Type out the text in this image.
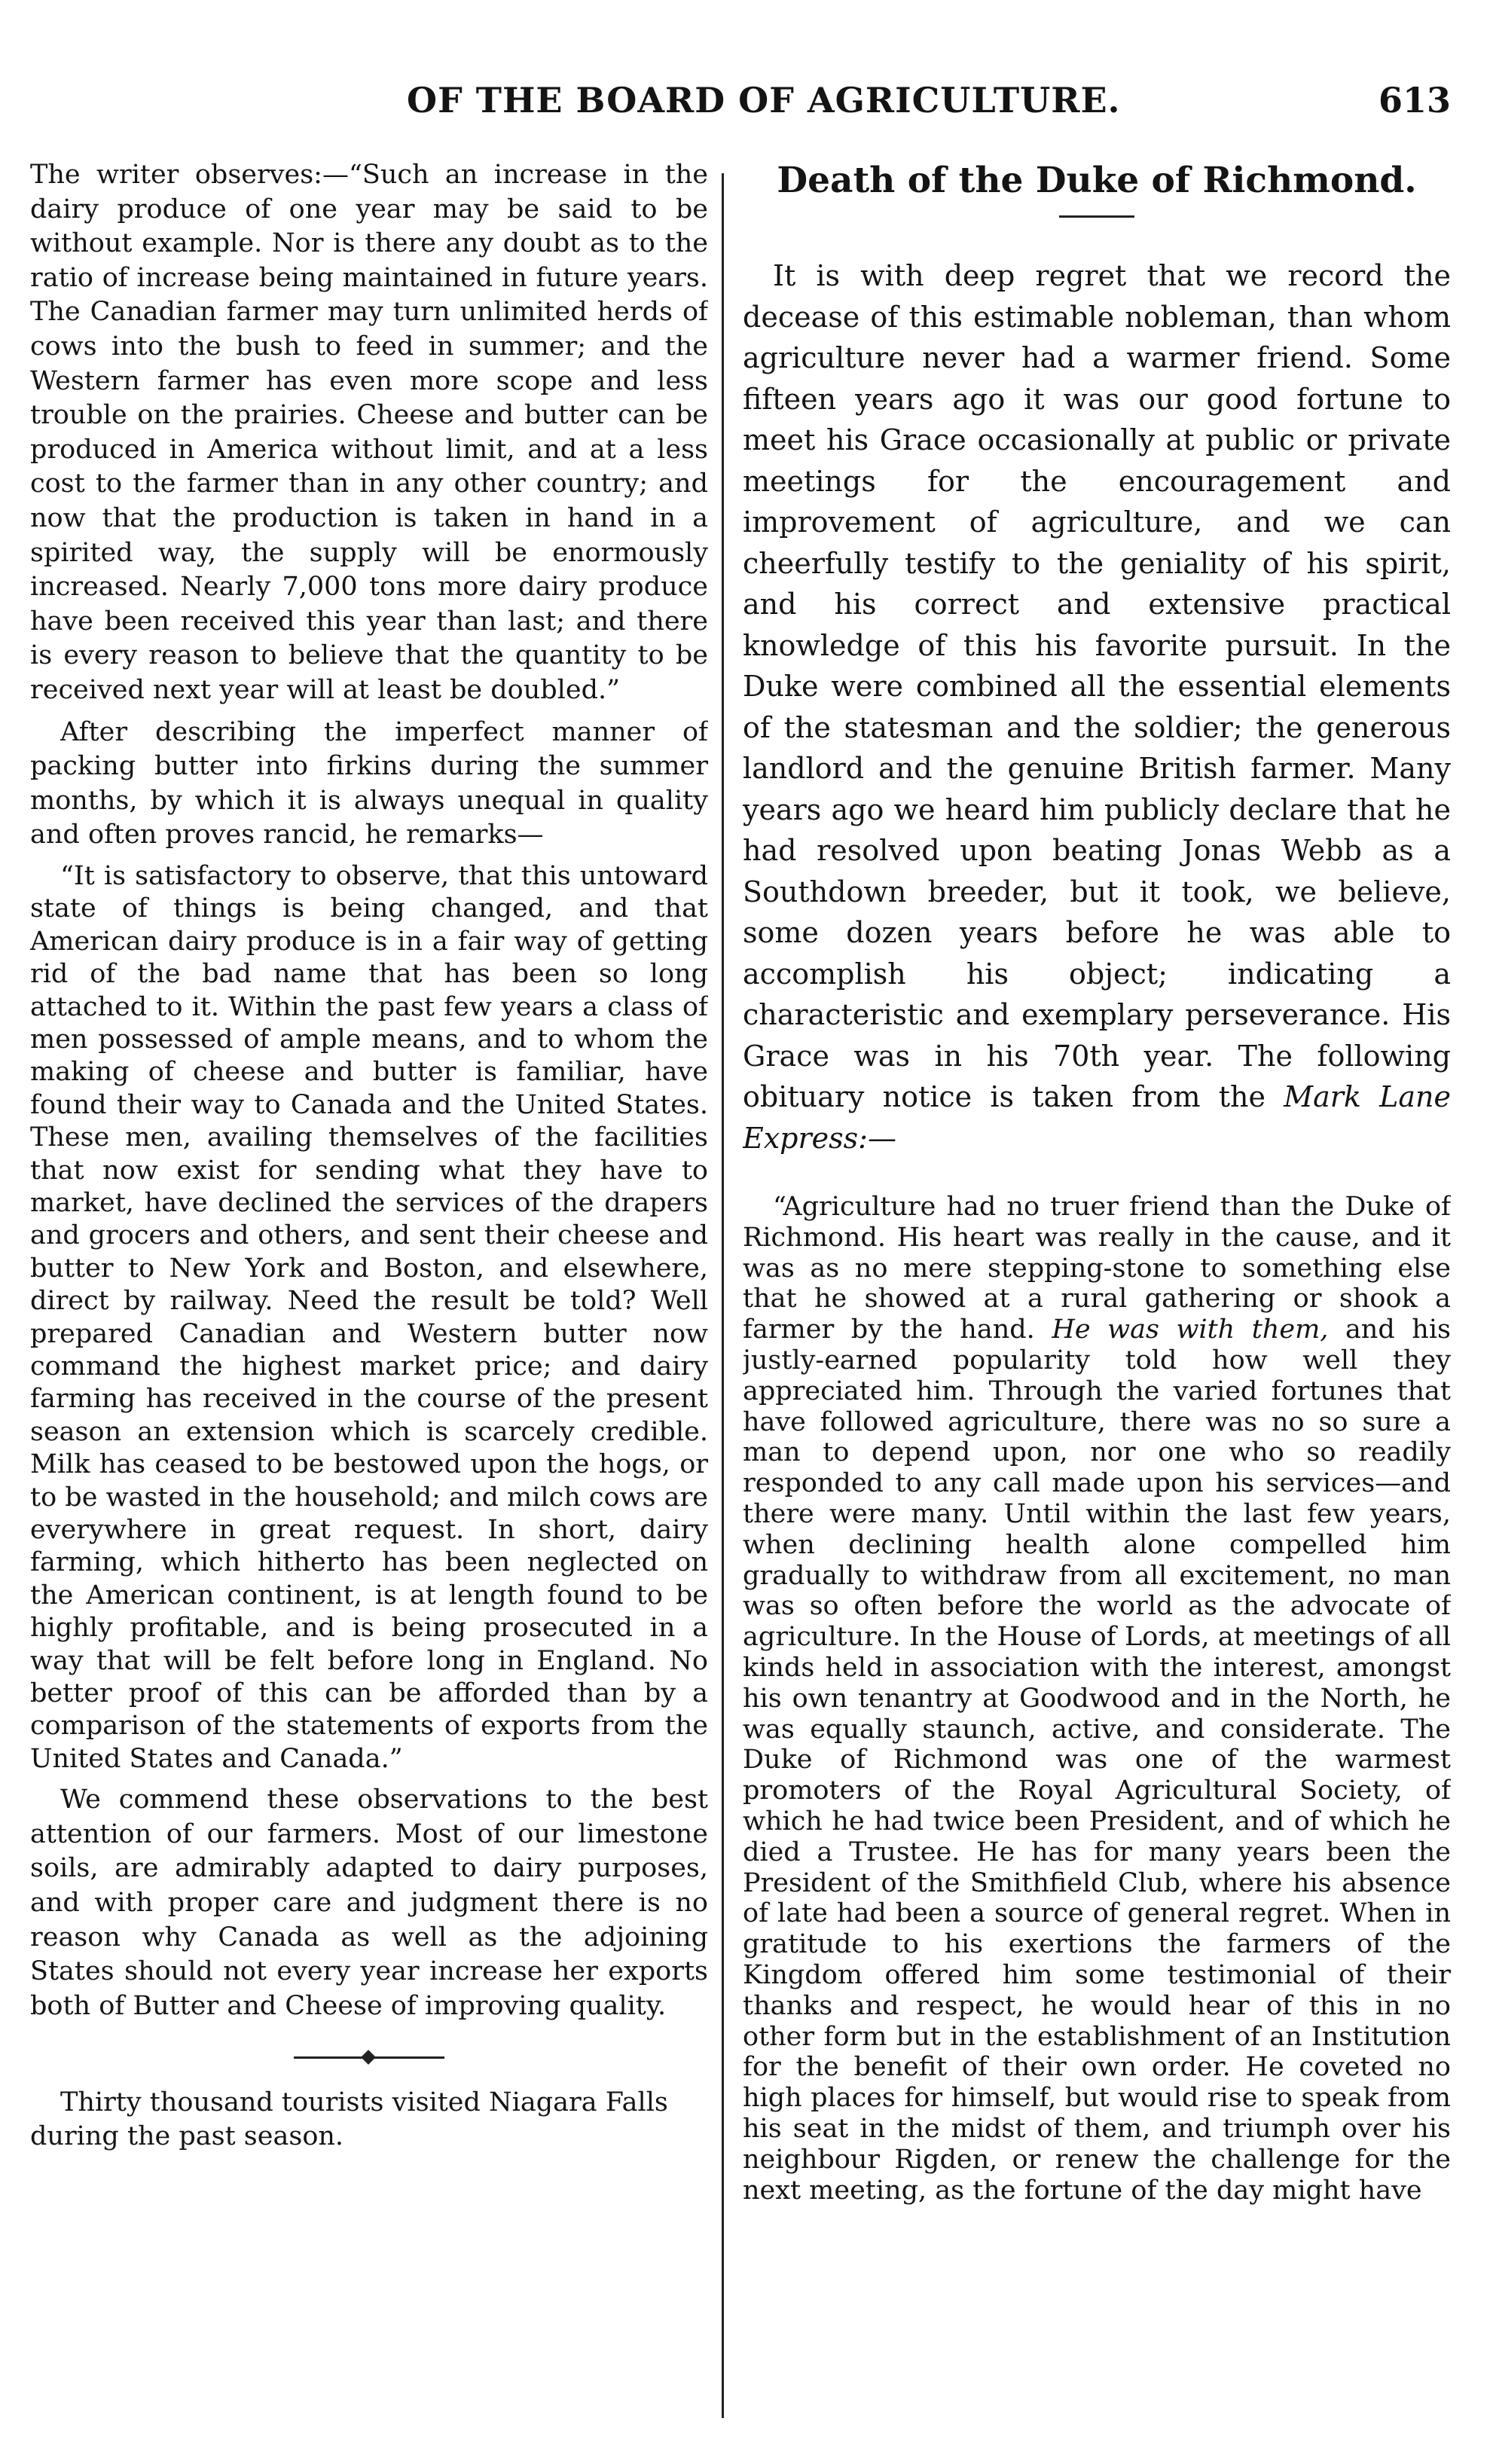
OF THE BOARD OF AGRICULTURE.	613

The writer observes:—“Such an increase in the dairy produce of one year may be said to be without example. Nor is there any doubt as to the ratio of increase being maintained in future years. The Canadian farmer may turn unlimited herds of cows into the bush to feed in summer; and the Western farmer has even more scope and less trouble on the prairies. Cheese and butter can be produced in America without limit, and at a less cost to the farmer than in any other country; and now that the production is taken in hand in a spirited way, the supply will be enormously increased. Nearly 7,000 tons more dairy produce have been received this year than last; and there is every reason to believe that the quantity to be received next year will at least be doubled.”

After describing the imperfect manner of packing butter into firkins during the summer months, by which it is always unequal in quality and often proves rancid, he remarks—

“It is satisfactory to observe, that this untoward state of things is being changed, and that American dairy produce is in a fair way of getting rid of the bad name that has been so long attached to it. Within the past few years a class of men possessed of ample means, and to whom the making of cheese and butter is familiar, have found their way to Canada and the United States. These men, availing themselves of the facilities that now exist for sending what they have to market, have declined the services of the drapers and grocers and others, and sent their cheese and butter to New York and Boston, and elsewhere, direct by railway. Need the result be told? Well prepared Canadian and Western butter now command the highest market price; and dairy farming has received in the course of the present season an extension which is scarcely credible. Milk has ceased to be bestowed upon the hogs, or to be wasted in the household; and milch cows are everywhere in great request. In short, dairy farming, which hitherto has been neglected on the American continent, is at length found to be highly profitable, and is being prosecuted in a way that will be felt before long in England. No better proof of this can be afforded than by a comparison of the statements of exports from the United States and Canada.”

We commend these observations to the best attention of our farmers. Most of our limestone soils, are admirably adapted to dairy purposes, and with proper care and judgment there is no reason why Canada as well as the adjoining States should not every year increase her exports both of Butter and Cheese of improving quality.

Thirty thousand tourists visited Niagara Falls during the past season.

Death of the Duke of Richmond.

It is with deep regret that we record the decease of this estimable nobleman, than whom agriculture never had a warmer friend. Some fifteen years ago it was our good fortune to meet his Grace occasionally at public or private meetings for the encouragement and improvement of agriculture, and we can cheerfully testify to the geniality of his spirit, and his correct and extensive practical knowledge of this his favorite pursuit. In the Duke were combined all the essential elements of the statesman and the soldier; the generous landlord and the genuine British farmer. Many years ago we heard him publicly declare that he had resolved upon beating Jonas Webb as a Southdown breeder, but it took, we believe, some dozen years before he was able to accomplish his object; indicating a characteristic and exemplary perseverance. His Grace was in his 70th year. The following obituary notice is taken from the Mark Lane Express:—

“Agriculture had no truer friend than the Duke of Richmond. His heart was really in the cause, and it was as no mere stepping-stone to something else that he showed at a rural gathering or shook a farmer by the hand. He was with them, and his justly-earned popularity told how well they appreciated him. Through the varied fortunes that have followed agriculture, there was no so sure a man to depend upon, nor one who so readily responded to any call made upon his services—and there were many. Until within the last few years, when declining health alone compelled him gradually to withdraw from all excitement, no man was so often before the world as the advocate of agriculture. In the House of Lords, at meetings of all kinds held in association with the interest, amongst his own tenantry at Goodwood and in the North, he was equally staunch, active, and considerate. The Duke of Richmond was one of the warmest promoters of the Royal Agricultural Society, of which he had twice been President, and of which he died a Trustee. He has for many years been the President of the Smithfield Club, where his absence of late had been a source of general regret. When in gratitude to his exertions the farmers of the Kingdom offered him some testimonial of their thanks and respect, he would hear of this in no other form but in the establishment of an Institution for the benefit of their own order. He coveted no high places for himself, but would rise to speak from his seat in the midst of them, and triumph over his neighbour Rigden, or renew the challenge for the next meeting, as the fortune of the day might have
